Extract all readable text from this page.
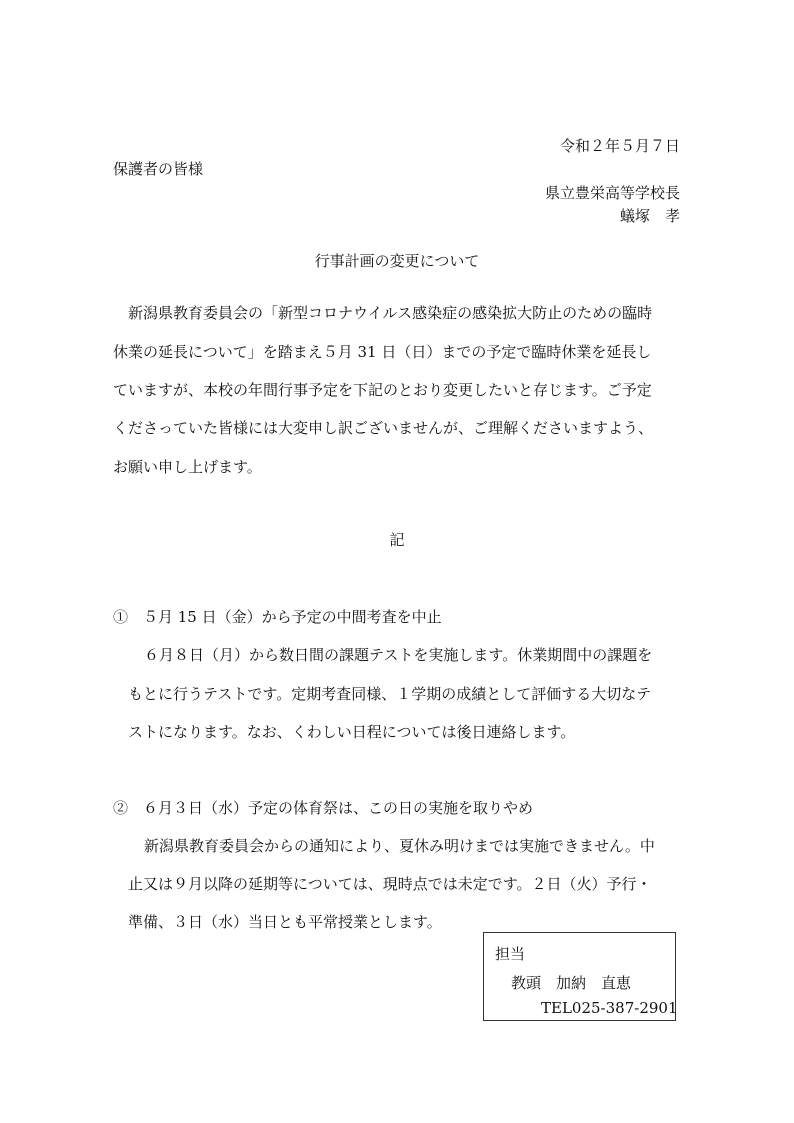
令和２年５月７日
保護者の皆様
県立豊栄高等学校長
蟻塚　孝
行事計画の変更について
新潟県教育委員会の「新型コロナウイルス感染症の感染拡大防止のための臨時
休業の延長について」を踏まえ５月 31 日（日）までの予定で臨時休業を延長し
ていますが、本校の年間行事予定を下記のとおり変更したいと存じます。ご予定
くださっていた皆様には大変申し訳ございませんが、ご理解くださいますよう、
お願い申し上げます。
記
①　５月 15 日（金）から予定の中間考査を中止
６月８日（月）から数日間の課題テストを実施します。休業期間中の課題を
もとに行うテストです。定期考査同様、１学期の成績として評価する大切なテ
ストになります。なお、くわしい日程については後日連絡します。
②　６月３日（水）予定の体育祭は、この日の実施を取りやめ
新潟県教育委員会からの通知により、夏休み明けまでは実施できません。中
止又は９月以降の延期等については、現時点では未定です。２日（火）予行・
準備、３日（水）当日とも平常授業とします。
担当
教頭　加納　直恵
TEL025-387-2901
